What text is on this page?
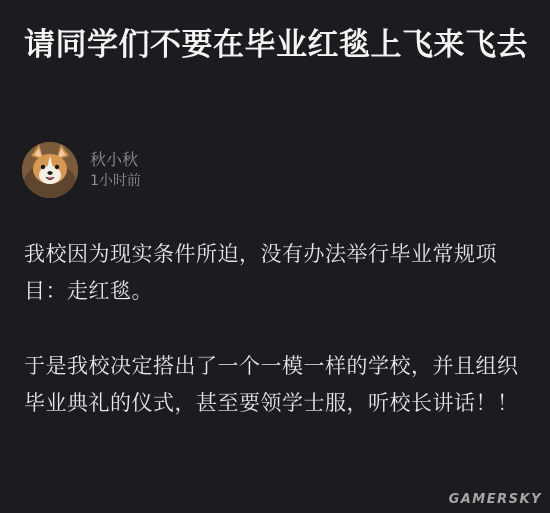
请同学们不要在毕业红毯上飞来飞去
秋小秋
1小时前

我校因为现实条件所迫，没有办法举行毕业常规项目：走红毯。

于是我校决定搭出了一个一模一样的学校，并且组织毕业典礼的仪式，甚至要领学士服，听校长讲话！！

GAMERSKY
